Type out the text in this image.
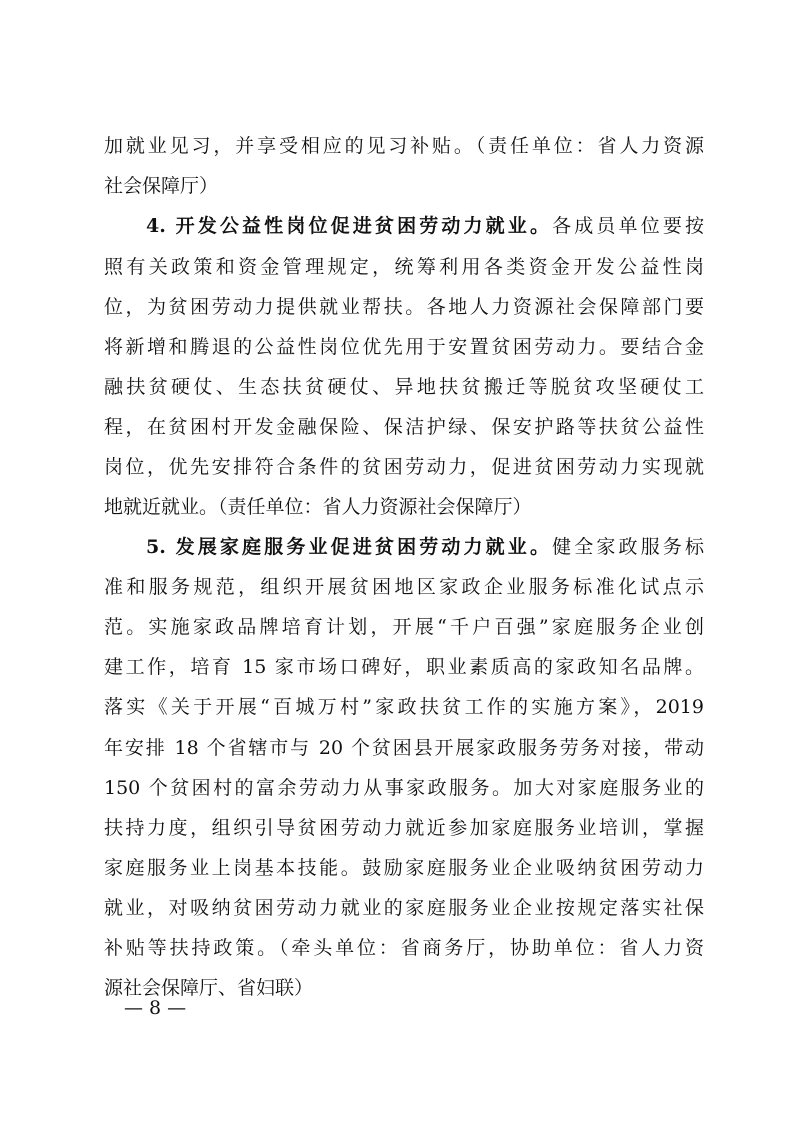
加就业见习，并享受相应的见习补贴。（责任单位：省人力资源
社会保障厅）
4. 开发公益性岗位促进贫困劳动力就业。各成员单位要按
照有关政策和资金管理规定，统筹利用各类资金开发公益性岗
位，为贫困劳动力提供就业帮扶。各地人力资源社会保障部门要
将新增和腾退的公益性岗位优先用于安置贫困劳动力。要结合金
融扶贫硬仗、生态扶贫硬仗、异地扶贫搬迁等脱贫攻坚硬仗工
程，在贫困村开发金融保险、保洁护绿、保安护路等扶贫公益性
岗位，优先安排符合条件的贫困劳动力，促进贫困劳动力实现就
地就近就业。（责任单位：省人力资源社会保障厅）
5. 发展家庭服务业促进贫困劳动力就业。健全家政服务标
准和服务规范，组织开展贫困地区家政企业服务标准化试点示
范。实施家政品牌培育计划，开展“千户百强”家庭服务企业创
建工作，培育 15 家市场口碑好，职业素质高的家政知名品牌。
落实《关于开展“百城万村”家政扶贫工作的实施方案》，2019
年安排 18 个省辖市与 20 个贫困县开展家政服务劳务对接，带动
150 个贫困村的富余劳动力从事家政服务。加大对家庭服务业的
扶持力度，组织引导贫困劳动力就近参加家庭服务业培训，掌握
家庭服务业上岗基本技能。鼓励家庭服务业企业吸纳贫困劳动力
就业，对吸纳贫困劳动力就业的家庭服务业企业按规定落实社保
补贴等扶持政策。（牵头单位：省商务厅，协助单位：省人力资
源社会保障厅、省妇联）
— 8 —
